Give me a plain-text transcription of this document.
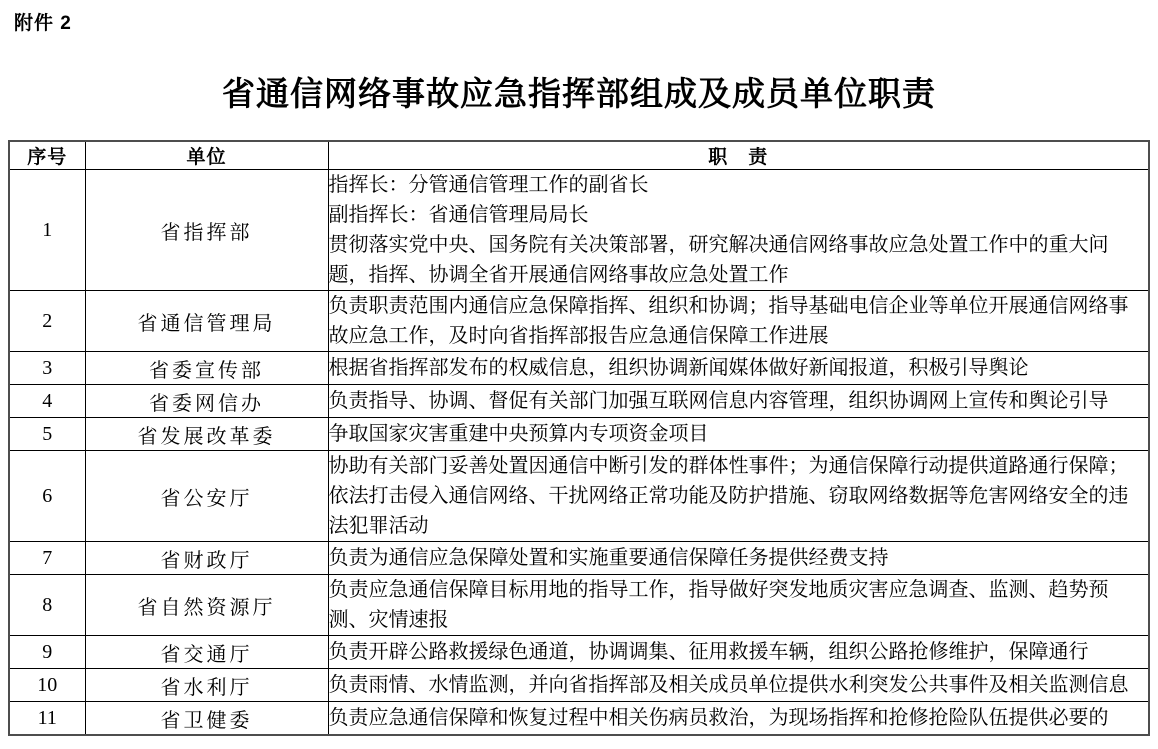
附件 2
省通信网络事故应急指挥部组成及成员单位职责
序号	单位	职　责
1	省指挥部	指挥长：分管通信管理工作的副省长
副指挥长：省通信管理局局长
贯彻落实党中央、国务院有关决策部署，研究解决通信网络事故应急处置工作中的重大问题，指挥、协调全省开展通信网络事故应急处置工作

2	省通信管理局	负责职责范围内通信应急保障指挥、组织和协调；指导基础电信企业等单位开展通信网络事故应急工作，及时向省指挥部报告应急通信保障工作进展
3	省委宣传部	根据省指挥部发布的权威信息，组织协调新闻媒体做好新闻报道，积极引导舆论
4	省委网信办	负责指导、协调、督促有关部门加强互联网信息内容管理，组织协调网上宣传和舆论引导
5	省发展改革委	争取国家灾害重建中央预算内专项资金项目
6	省公安厅	协助有关部门妥善处置因通信中断引发的群体性事件；为通信保障行动提供道路通行保障；依法打击侵入通信网络、干扰网络正常功能及防护措施、窃取网络数据等危害网络安全的违法犯罪活动
7	省财政厅	负责为通信应急保障处置和实施重要通信保障任务提供经费支持
8	省自然资源厅	负责应急通信保障目标用地的指导工作，指导做好突发地质灾害应急调查、监测、趋势预测、灾情速报
9	省交通厅	负责开辟公路救援绿色通道，协调调集、征用救援车辆，组织公路抢修维护，保障通行
10	省水利厅	负责雨情、水情监测，并向省指挥部及相关成员单位提供水利突发公共事件及相关监测信息
11	省卫健委	负责应急通信保障和恢复过程中相关伤病员救治，为现场指挥和抢修抢险队伍提供必要的
